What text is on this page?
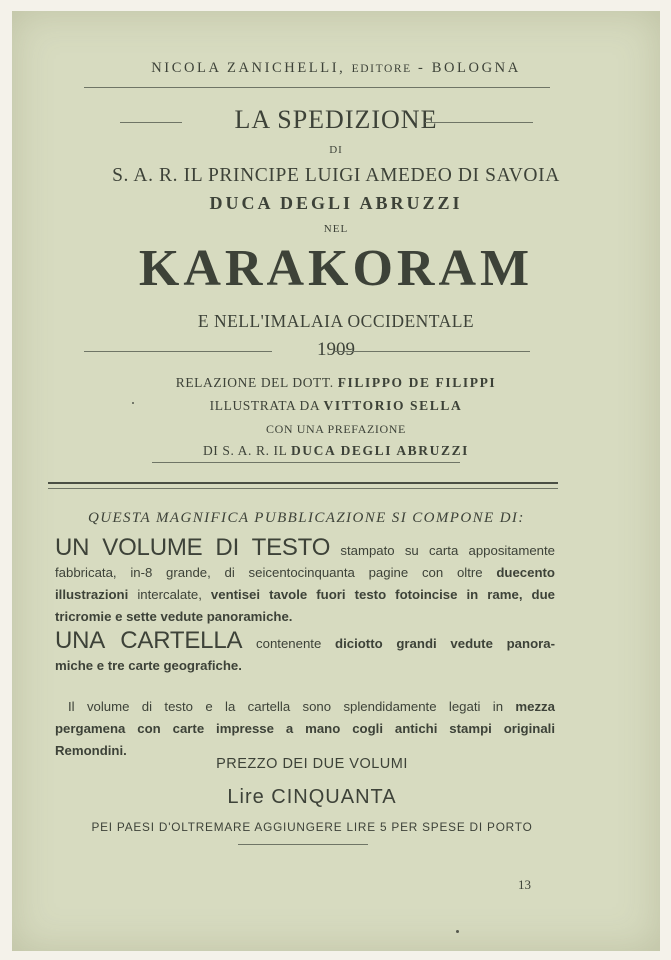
NICOLA ZANICHELLI, EDITORE - BOLOGNA
LA SPEDIZIONE
DI
S. A. R. IL PRINCIPE LUIGI AMEDEO DI SAVOIA
DUCA DEGLI ABRUZZI
NEL
KARAKORAM
E NELL'IMALAIA OCCIDENTALE
1909
RELAZIONE DEL DOTT. FILIPPO DE FILIPPI
ILLUSTRATA DA VITTORIO SELLA
CON UNA PREFAZIONE
DI S. A. R. IL DUCA DEGLI ABRUZZI
QUESTA MAGNIFICA PUBBLICAZIONE SI COMPONE DI:
UN VOLUME DI TESTO stampato su carta appositamente
fabbricata, in-8 grande, di seicentocinquanta pagine con oltre duecento
illustrazioni intercalate, ventisei tavole fuori testo fotoincise in rame, due
tricromie e sette vedute panoramiche.
UNA CARTELLA contenente diciotto grandi vedute panora-
miche e tre carte geografiche.
Il volume di testo e la cartella sono splendidamente legati in mezza
pergamena con carte impresse a mano cogli antichi stampi originali
Remondini.
PREZZO DEI DUE VOLUMI
Lire CINQUANTA
PEI PAESI D'OLTREMARE AGGIUNGERE LIRE 5 PER SPESE DI PORTO
13
